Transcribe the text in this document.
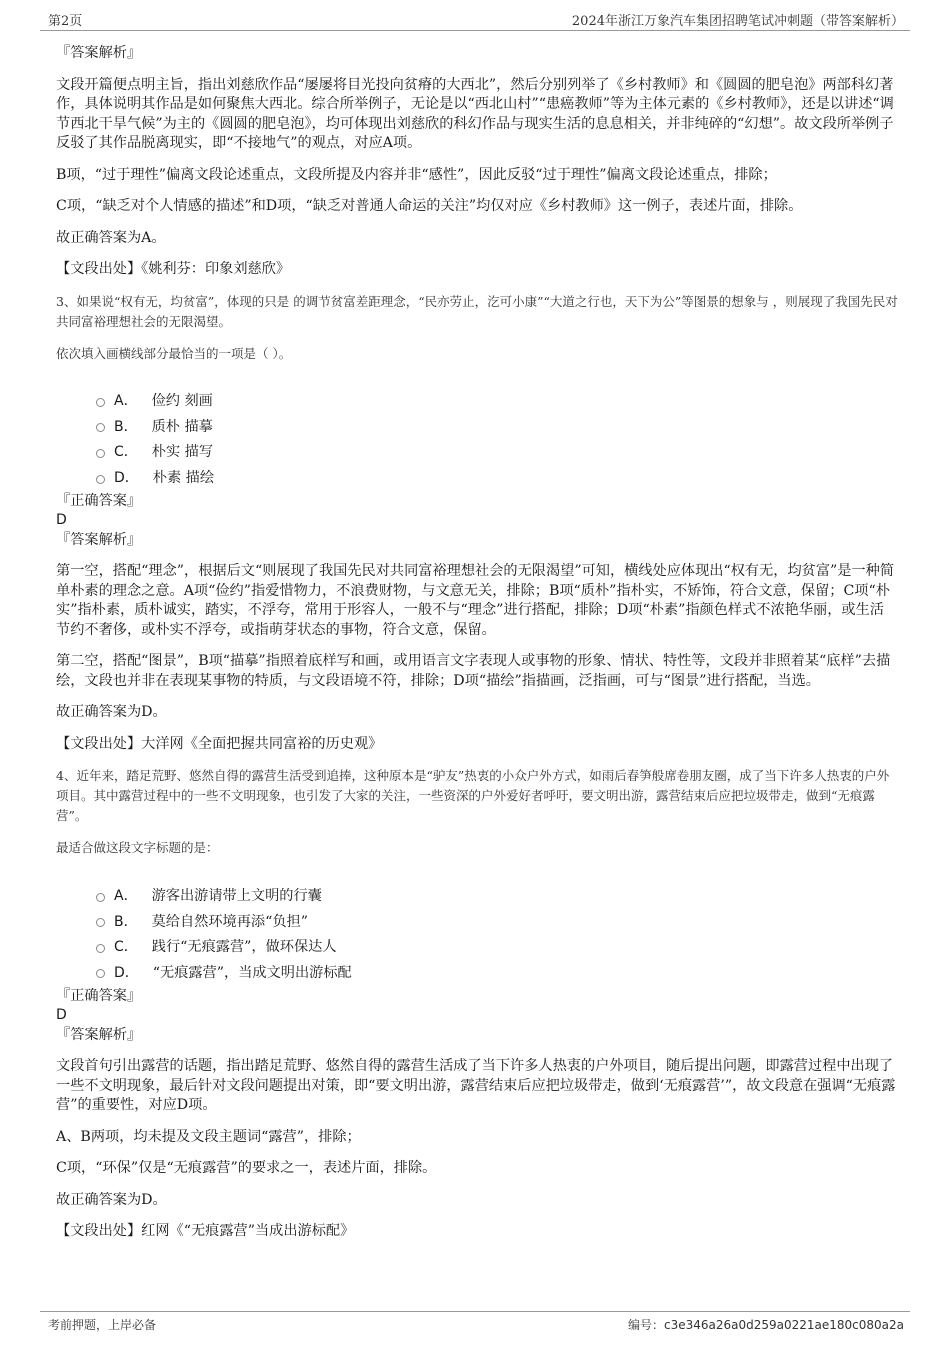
第2页	2024年浙江万象汽车集团招聘笔试冲刺题（带答案解析）

『答案解析』

文段开篇便点明主旨，指出刘慈欣作品“屡屡将目光投向贫瘠的大西北”，然后分别列举了《乡村教师》和《圆圆的肥皂泡》两部科幻著作，具体说明其作品是如何聚焦大西北。综合所举例子，无论是以“西北山村”“患癌教师”等为主体元素的《乡村教师》，还是以讲述“调节西北干旱气候”为主的《圆圆的肥皂泡》，均可体现出刘慈欣的科幻作品与现实生活的息息相关，并非纯碎的“幻想”。故文段所举例子反驳了其作品脱离现实，即“不接地气”的观点，对应A项。

B项，“过于理性”偏离文段论述重点，文段所提及内容并非“感性”，因此反驳“过于理性”偏离文段论述重点，排除；

C项，“缺乏对个人情感的描述”和D项，“缺乏对普通人命运的关注”均仅对应《乡村教师》这一例子，表述片面，排除。

故正确答案为A。

【文段出处】《姚利芬：印象刘慈欣》

3、如果说“权有无，均贫富”，体现的只是 的调节贫富差距理念，“民亦劳止，汔可小康”“大道之行也，天下为公”等图景的想象与 ，则展现了我国先民对共同富裕理想社会的无限渴望。

依次填入画横线部分最恰当的一项是（ ）。

A． 俭约 刻画
B． 质朴 描摹
C． 朴实 描写
D． 朴素 描绘

『正确答案』

D

『答案解析』

第一空，搭配“理念”，根据后文“则展现了我国先民对共同富裕理想社会的无限渴望”可知，横线处应体现出“权有无，均贫富”是一种简单朴素的理念之意。A项“俭约”指爱惜物力，不浪费财物，与文意无关，排除；B项“质朴”指朴实，不矫饰，符合文意，保留；C项“朴实”指朴素，质朴诚实，踏实，不浮夸，常用于形容人，一般不与“理念”进行搭配，排除；D项“朴素”指颜色样式不浓艳华丽，或生活节约不奢侈，或朴实不浮夸，或指萌芽状态的事物，符合文意，保留。

第二空，搭配“图景”，B项“描摹”指照着底样写和画，或用语言文字表现人或事物的形象、情状、特性等，文段并非照着某“底样”去描绘，文段也并非在表现某事物的特质，与文段语境不符，排除；D项“描绘”指描画，泛指画，可与“图景”进行搭配，当选。

故正确答案为D。

【文段出处】大洋网《全面把握共同富裕的历史观》

4、近年来，踏足荒野、悠然自得的露营生活受到追捧，这种原本是“驴友”热衷的小众户外方式，如雨后春笋般席卷朋友圈，成了当下许多人热衷的户外项目。其中露营过程中的一些不文明现象，也引发了大家的关注，一些资深的户外爱好者呼吁，要文明出游，露营结束后应把垃圾带走，做到“无痕露营”。

最适合做这段文字标题的是：

A． 游客出游请带上文明的行囊
B． 莫给自然环境再添“负担”
C． 践行“无痕露营”，做环保达人
D． “无痕露营”，当成文明出游标配

『正确答案』

D

『答案解析』

文段首句引出露营的话题，指出踏足荒野、悠然自得的露营生活成了当下许多人热衷的户外项目，随后提出问题，即露营过程中出现了一些不文明现象，最后针对文段问题提出对策，即“要文明出游，露营结束后应把垃圾带走，做到‘无痕露营’”，故文段意在强调“无痕露营”的重要性，对应D项。

A、B两项，均未提及文段主题词“露营”，排除；

C项，“环保”仅是“无痕露营”的要求之一，表述片面，排除。

故正确答案为D。

【文段出处】红网《“无痕露营”当成出游标配》

考前押题，上岸必备	编号：c3e346a26a0d259a0221ae180c080a2a
